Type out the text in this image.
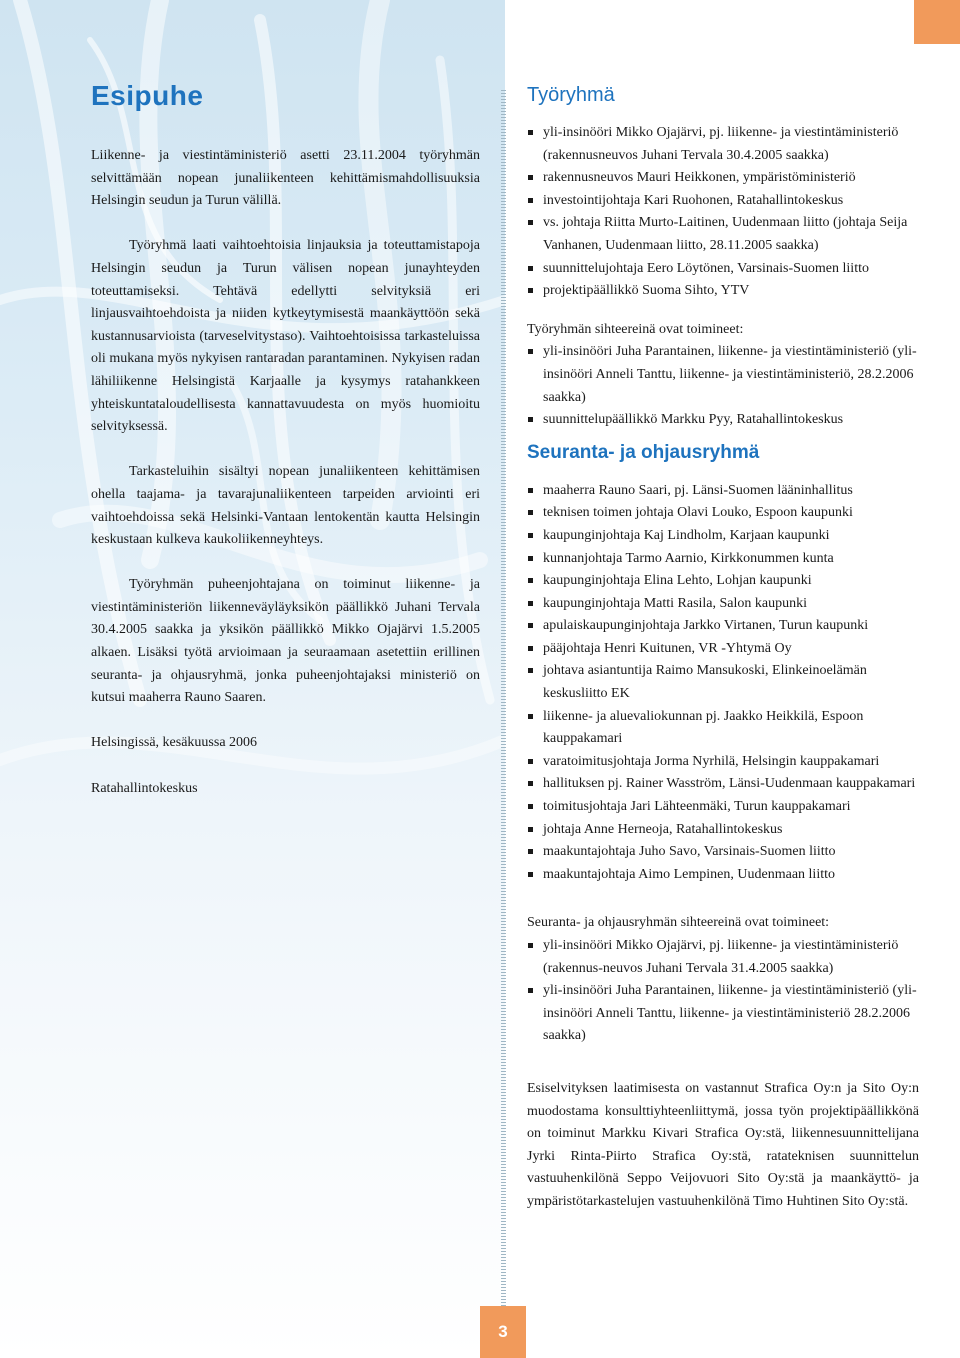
Esipuhe

Liikenne- ja viestintäministeriö asetti 23.11.2004 työryhmän selvittämään nopean junaliikenteen kehittämismahdollisuuksia Helsingin seudun ja Turun välillä.

Työryhmä laati vaihtoehtoisia linjauksia ja toteuttamistapoja Helsingin seudun ja Turun välisen nopean junayhteyden toteuttamiseksi. Tehtävä edellytti selvityksiä eri linjausvaihtoehdoista ja niiden kytkeytymisestä maankäyttöön sekä kustannusarvioista (tarveselvitystaso). Vaihtoehtoisissa tarkasteluissa oli mukana myös nykyisen rantaradan parantaminen. Nykyisen radan lähiliikenne Helsingistä Karjaalle ja kysymys ratahankkeen yhteiskuntataloudellisesta kannattavuudesta on myös huomioitu selvityksessä.

Tarkasteluihin sisältyi nopean junaliikenteen kehittämisen ohella taajama- ja tavarajunaliikenteen tarpeiden arviointi eri vaihtoehdoissa sekä Helsinki-Vantaan lentokentän kautta Helsingin keskustaan kulkeva kaukoliikenneyhteys.

Työryhmän puheenjohtajana on toiminut liikenne- ja viestintäministeriön liikenneväyläyksikön päällikkö Juhani Tervala 30.4.2005 saakka ja yksikön päällikkö Mikko Ojajärvi 1.5.2005 alkaen. Lisäksi työtä arvioimaan ja seuraamaan asetettiin erillinen seuranta- ja ohjausryhmä, jonka puheenjohtajaksi ministeriö on kutsui maaherra Rauno Saaren.

Helsingissä, kesäkuussa 2006

Ratahallintokeskus

Työryhmä
yli-insinööri Mikko Ojajärvi, pj. liikenne- ja viestintäministeriö (rakennusneuvos Juhani Tervala 30.4.2005 saakka)
rakennusneuvos Mauri Heikkonen, ympäristöministeriö
investointijohtaja Kari Ruohonen, Ratahallintokeskus
vs. johtaja Riitta Murto-Laitinen, Uudenmaan liitto (johtaja Seija Vanhanen, Uudenmaan liitto, 28.11.2005 saakka)
suunnittelujohtaja Eero Löytönen, Varsinais-Suomen liitto
projektipäällikkö Suoma Sihto, YTV

Työryhmän sihteereinä ovat toimineet:

yli-insinööri Juha Parantainen, liikenne- ja viestintäministeriö (yli-insinööri Anneli Tanttu, liikenne- ja viestintäministeriö, 28.2.2006 saakka)
suunnittelupäällikkö Markku Pyy, Ratahallintokeskus
Seuranta- ja ohjausryhmä
maaherra Rauno Saari, pj. Länsi-Suomen lääninhallitus
teknisen toimen johtaja Olavi Louko, Espoon kaupunki
kaupunginjohtaja Kaj Lindholm, Karjaan kaupunki
kunnanjohtaja Tarmo Aarnio, Kirkkonummen kunta
kaupunginjohtaja Elina Lehto, Lohjan kaupunki
kaupunginjohtaja Matti Rasila, Salon kaupunki
apulaiskaupunginjohtaja Jarkko Virtanen, Turun kaupunki
pääjohtaja Henri Kuitunen, VR -Yhtymä Oy
johtava asiantuntija Raimo Mansukoski, Elinkeinoelämän keskusliitto EK
liikenne- ja aluevaliokunnan pj. Jaakko Heikkilä, Espoon kauppakamari
varatoimitusjohtaja Jorma Nyrhilä, Helsingin kauppakamari
hallituksen pj. Rainer Wasström, Länsi-Uudenmaan kauppakamari
toimitusjohtaja Jari Lähteenmäki, Turun kauppakamari
johtaja Anne Herneoja, Ratahallintokeskus
maakuntajohtaja Juho Savo, Varsinais-Suomen liitto
maakuntajohtaja Aimo Lempinen, Uudenmaan liitto

Seuranta- ja ohjausryhmän sihteereinä ovat toimineet:

yli-insinööri Mikko Ojajärvi, pj. liikenne- ja viestintäministeriö (rakennus-neuvos Juhani Tervala 31.4.2005 saakka)
yli-insinööri Juha Parantainen, liikenne- ja viestintäministeriö (yli-insinööri Anneli Tanttu, liikenne- ja viestintäministeriö 28.2.2006 saakka)

Esiselvityksen laatimisesta on vastannut Strafica Oy:n ja Sito Oy:n muodostama konsulttiyhteenliittymä, jossa työn projektipäällikkönä on toiminut Markku Kivari Strafica Oy:stä, liikennesuunnittelijana Jyrki Rinta-Piirto Strafica Oy:stä, ratateknisen suunnittelun vastuuhenkilönä Seppo Veijovuori Sito Oy:stä ja maankäyttö- ja ympäristötarkastelujen vastuuhenkilönä Timo Huhtinen Sito Oy:stä.

3
